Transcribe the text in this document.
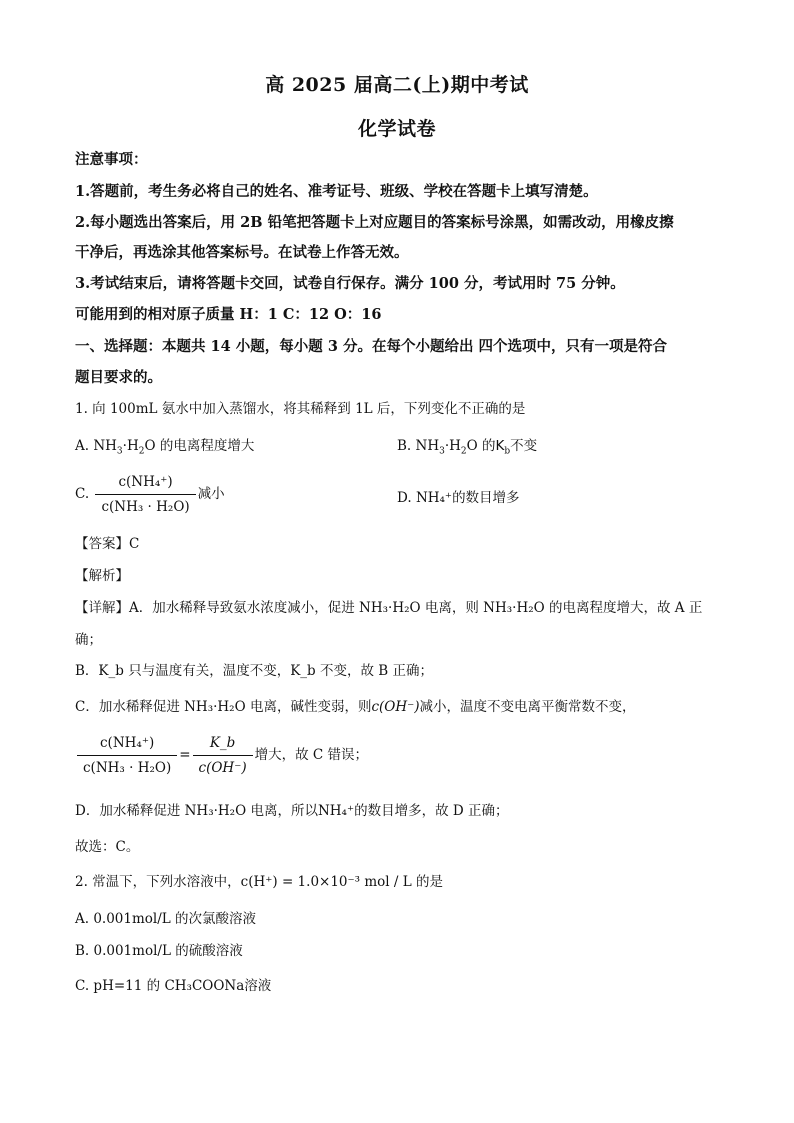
高 2025 届高二(上)期中考试
化学试卷
注意事项：
1.答题前，考生务必将自己的姓名、准考证号、班级、学校在答题卡上填写清楚。
2.每小题选出答案后，用 2B 铅笔把答题卡上对应题目的答案标号涂黑，如需改动，用橡皮擦
干净后，再选涂其他答案标号。在试卷上作答无效。
3.考试结束后，请将答题卡交回，试卷自行保存。满分 100 分，考试用时 75 分钟。
可能用到的相对原子质量 H：1 C：12 O：16
一、选择题：本题共 14 小题，每小题 3 分。在每个小题给出 四个选项中，只有一项是符合
题目要求的。
1. 向 100mL 氨水中加入蒸馏水，将其稀释到 1L 后，下列变化不正确的是
A. $NH_3\cdot H_2O$ 的电离程度增大	B. $NH_3\cdot H_2O$ 的$K_b$不变
C. $\frac{\text{c(NH₄⁺)}}{\text{c(NH₃ · H₂O)}}$ 减小	D. NH₄⁺的数目增多
【答案】C
【解析】
【详解】A．加水稀释导致氨水浓度减小，促进 NH₃·H₂O 电离，则 NH₃·H₂O 的电离程度增大，故 A 正
确；
B．K_b 只与温度有关，温度不变，K_b 不变，故 B 正确；
C．加水稀释促进 NH₃·H₂O 电离，碱性变弱，则c(OH⁻)减小，温度不变电离平衡常数不变，
$\frac{\text{c(NH₄⁺)}}{\text{c(NH₃ · H₂O)}} = \frac{K\_b}{c(OH^-)}$ 增大，故 C 错误；
D．加水稀释促进 NH₃·H₂O 电离，所以NH₄⁺的数目增多，故 D 正确；
故选：C。
2. 常温下，下列水溶液中，c(H⁺) = 1.0×10⁻³ mol / L 的是
A. 0.001mol/L 的次氯酸溶液
B. 0.001mol/L 的硫酸溶液
C. pH=11 的 CH₃COONa溶液
